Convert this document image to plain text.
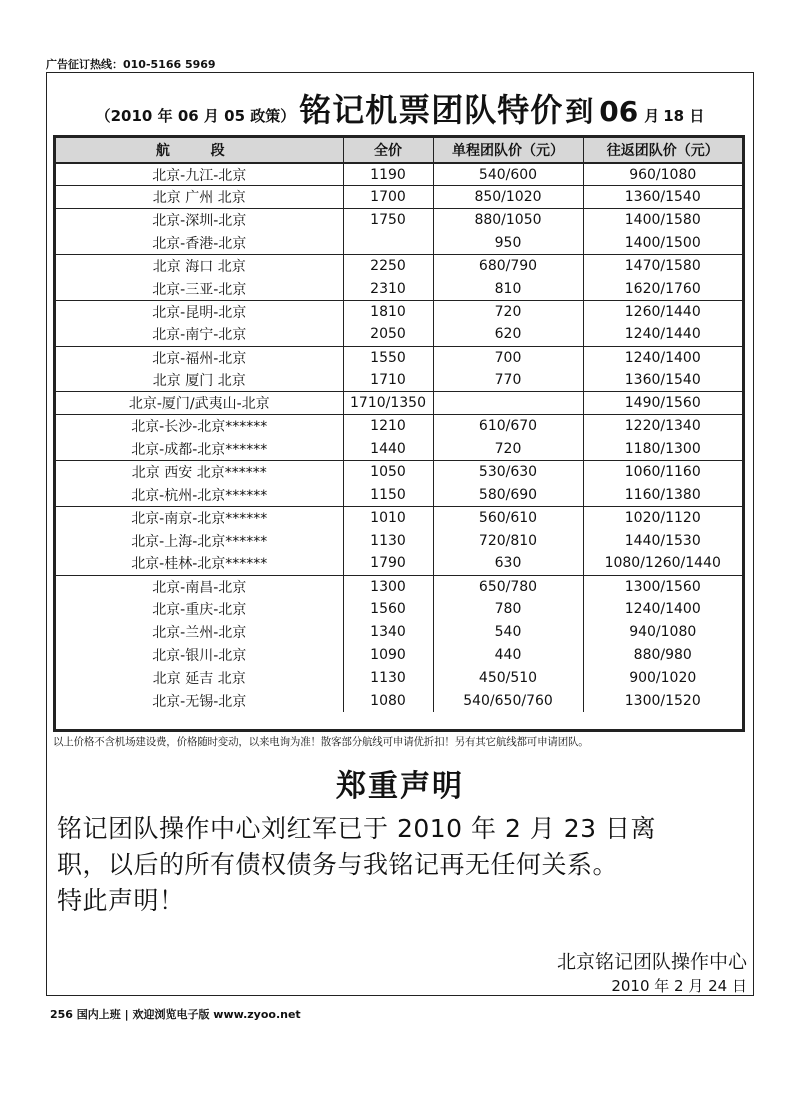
广告征订热线：010-5166 5969
（2010 年 06 月 05 政策） 铭记机票团队特价到 06 月 18 日
航 段	全价	单程团队价（元）	往返团队价（元）
北京-九江-北京	1190	540/600	960/1080
北京 广州 北京	1700	850/1020	1360/1540
北京-深圳-北京	1750	880/1050	1400/1580
北京-香港-北京		950	1400/1500
北京 海口 北京	2250	680/790	1470/1580
北京-三亚-北京	2310	810	1620/1760
北京-昆明-北京	1810	720	1260/1440
北京-南宁-北京	2050	620	1240/1440
北京-福州-北京	1550	700	1240/1400
北京 厦门 北京	1710	770	1360/1540
北京-厦门/武夷山-北京	1710/1350		1490/1560
北京-长沙-北京******	1210	610/670	1220/1340
北京-成都-北京******	1440	720	1180/1300
北京 西安 北京******	1050	530/630	1060/1160
北京-杭州-北京******	1150	580/690	1160/1380
北京-南京-北京******	1010	560/610	1020/1120
北京-上海-北京******	1130	720/810	1440/1530
北京-桂林-北京******	1790	630	1080/1260/1440
北京-南昌-北京	1300	650/780	1300/1560
北京-重庆-北京	1560	780	1240/1400
北京-兰州-北京	1340	540	940/1080
北京-银川-北京	1090	440	880/980
北京 延吉 北京	1130	450/510	900/1020
北京-无锡-北京	1080	540/650/760	1300/1520
以上价格不含机场建设费，价格随时变动，以来电询为准！散客部分航线可申请优折扣！另有其它航线都可申请团队。
郑重声明
铭记团队操作中心刘红军已于 2010 年 2 月 23 日离
职，以后的所有债权债务与我铭记再无任何关系。
特此声明！
北京铭记团队操作中心
2010 年 2 月 24 日
256 国内上班 | 欢迎浏览电子版 www.zyoo.net
